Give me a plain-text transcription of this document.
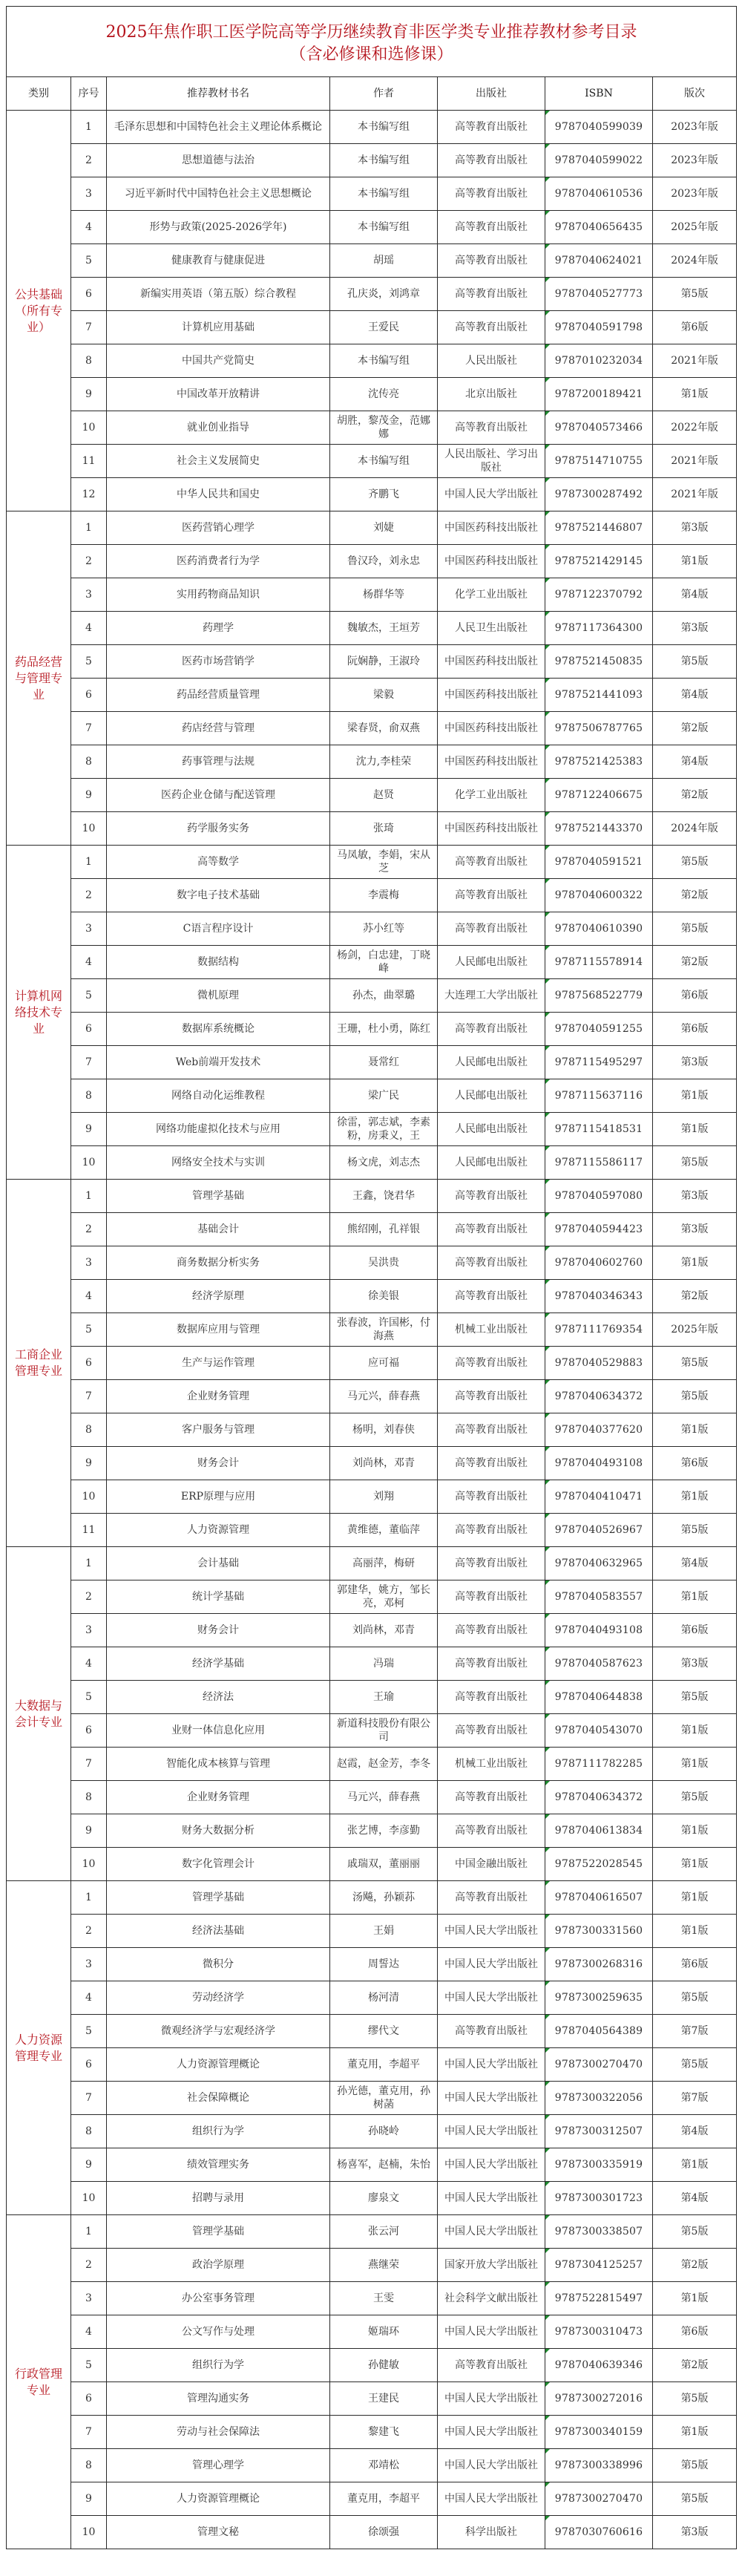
2025年焦作职工医学院高等学历继续教育非医学类专业推荐教材参考目录
（含必修课和选修课）						

类别	序号	推荐教材书名	作者	出版社	ISBN	版次
公共基础（所有专业）	1	毛泽东思想和中国特色社会主义理论体系概论	本书编写组	高等教育出版社	9787040599039	2023年版
	2	思想道德与法治	本书编写组	高等教育出版社	9787040599022	2023年版
	3	习近平新时代中国特色社会主义思想概论	本书编写组	高等教育出版社	9787040610536	2023年版
	4	形势与政策(2025-2026学年)	本书编写组	高等教育出版社	9787040656435	2025年版
	5	健康教育与健康促进	胡瑶	高等教育出版社	9787040624021	2024年版
	6	新编实用英语（第五版）综合教程	孔庆炎，刘鸿章	高等教育出版社	9787040527773	第5版
	7	计算机应用基础	王爱民	高等教育出版社	9787040591798	第6版
	8	中国共产党简史	本书编写组	人民出版社	9787010232034	2021年版
	9	中国改革开放精讲	沈传亮	北京出版社	9787200189421	第1版
	10	就业创业指导	胡胜，黎茂金，范娜娜	高等教育出版社	9787040573466	2022年版
	11	社会主义发展简史	本书编写组	人民出版社、学习出版社	9787514710755	2021年版
	12	中华人民共和国史	齐鹏飞	中国人民大学出版社	9787300287492	2021年版
药品经营与管理专业	1	医药营销心理学	刘婕	中国医药科技出版社	9787521446807	第3版
	2	医药消费者行为学	鲁汉玲，刘永忠	中国医药科技出版社	9787521429145	第1版
	3	实用药物商品知识	杨群华等	化学工业出版社	9787122370792	第4版
	4	药理学	魏敏杰，王垣芳	人民卫生出版社	9787117364300	第3版
	5	医药市场营销学	阮娴静，王淑玲	中国医药科技出版社	9787521450835	第5版
	6	药品经营质量管理	梁毅	中国医药科技出版社	9787521441093	第4版
	7	药店经营与管理	梁春贤，俞双燕	中国医药科技出版社	9787506787765	第2版
	8	药事管理与法规	沈力,李桂荣	中国医药科技出版社	9787521425383	第4版
	9	医药企业仓储与配送管理	赵贤	化学工业出版社	9787122406675	第2版
	10	药学服务实务	张琦	中国医药科技出版社	9787521443370	2024年版
计算机网络技术专业	1	高等数学	马凤敏，李娟，宋从芝	高等教育出版社	9787040591521	第5版
	2	数字电子技术基础	李震梅	高等教育出版社	9787040600322	第2版
	3	C语言程序设计	苏小红等	高等教育出版社	9787040610390	第5版
	4	数据结构	杨剑，白忠建，丁晓峰	人民邮电出版社	9787115578914	第2版
	5	微机原理	孙杰，曲翠璐	大连理工大学出版社	9787568522779	第6版
	6	数据库系统概论	王珊，杜小勇，陈红	高等教育出版社	9787040591255	第6版
	7	Web前端开发技术	聂常红	人民邮电出版社	9787115495297	第3版
	8	网络自动化运维教程	梁广民	人民邮电出版社	9787115637116	第1版
	9	网络功能虚拟化技术与应用	徐雷，郭志斌，李素粉，房秉义，王	人民邮电出版社	9787115418531	第1版
	10	网络安全技术与实训	杨文虎，刘志杰	人民邮电出版社	9787115586117	第5版
工商企业管理专业	1	管理学基础	王鑫，饶君华	高等教育出版社	9787040597080	第3版
	2	基础会计	熊绍刚，孔祥银	高等教育出版社	9787040594423	第3版
	3	商务数据分析实务	吴洪贵	高等教育出版社	9787040602760	第1版
	4	经济学原理	徐美银	高等教育出版社	9787040346343	第2版
	5	数据库应用与管理	张春波，许国彬，付海燕	机械工业出版社	9787111769354	2025年版
	6	生产与运作管理	应可福	高等教育出版社	9787040529883	第5版
	7	企业财务管理	马元兴，薛春燕	高等教育出版社	9787040634372	第5版
	8	客户服务与管理	杨明，刘春侠	高等教育出版社	9787040377620	第1版
	9	财务会计	刘尚林，邓青	高等教育出版社	9787040493108	第6版
	10	ERP原理与应用	刘翔	高等教育出版社	9787040410471	第1版
	11	人力资源管理	黄维德，董临萍	高等教育出版社	9787040526967	第5版
大数据与会计专业	1	会计基础	高丽萍，梅研	高等教育出版社	9787040632965	第4版
	2	统计学基础	郭建华，姚方，邹长亮，邓柯	高等教育出版社	9787040583557	第1版
	3	财务会计	刘尚林，邓青	高等教育出版社	9787040493108	第6版
	4	经济学基础	冯瑞	高等教育出版社	9787040587623	第3版
	5	经济法	王瑜	高等教育出版社	9787040644838	第5版
	6	业财一体信息化应用	新道科技股份有限公司	高等教育出版社	9787040543070	第1版
	7	智能化成本核算与管理	赵霞，赵金芳，李冬	机械工业出版社	9787111782285	第1版
	8	企业财务管理	马元兴，薛春燕	高等教育出版社	9787040634372	第5版
	9	财务大数据分析	张艺博，李彦勤	高等教育出版社	9787040613834	第1版
	10	数字化管理会计	戚瑞双，董丽丽	中国金融出版社	9787522028545	第1版
人力资源管理专业	1	管理学基础	汤飚，孙颖荪	高等教育出版社	9787040616507	第1版
	2	经济法基础	王娟	中国人民大学出版社	9787300331560	第1版
	3	微积分	周誓达	中国人民大学出版社	9787300268316	第6版
	4	劳动经济学	杨河清	中国人民大学出版社	9787300259635	第5版
	5	微观经济学与宏观经济学	缪代文	高等教育出版社	9787040564389	第7版
	6	人力资源管理概论	董克用，李超平	中国人民大学出版社	9787300270470	第5版
	7	社会保障概论	孙光德，董克用，孙树菡	中国人民大学出版社	9787300322056	第7版
	8	组织行为学	孙晓岭	中国人民大学出版社	9787300312507	第4版
	9	绩效管理实务	杨喜军，赵楠，朱怡	中国人民大学出版社	9787300335919	第1版
	10	招聘与录用	廖泉文	中国人民大学出版社	9787300301723	第4版
行政管理专业	1	管理学基础	张云河	中国人民大学出版社	9787300338507	第5版
	2	政治学原理	燕继荣	国家开放大学出版社	9787304125257	第2版
	3	办公室事务管理	王雯	社会科学文献出版社	9787522815497	第1版
	4	公文写作与处理	姬瑞环	中国人民大学出版社	9787300310473	第6版
	5	组织行为学	孙健敏	高等教育出版社	9787040639346	第2版
	6	管理沟通实务	王建民	中国人民大学出版社	9787300272016	第5版
	7	劳动与社会保障法	黎建飞	中国人民大学出版社	9787300340159	第1版
	8	管理心理学	邓靖松	中国人民大学出版社	9787300338996	第5版
	9	人力资源管理概论	董克用，李超平	中国人民大学出版社	9787300270470	第5版
	10	管理文秘	徐颂强	科学出版社	9787030760616	第3版
